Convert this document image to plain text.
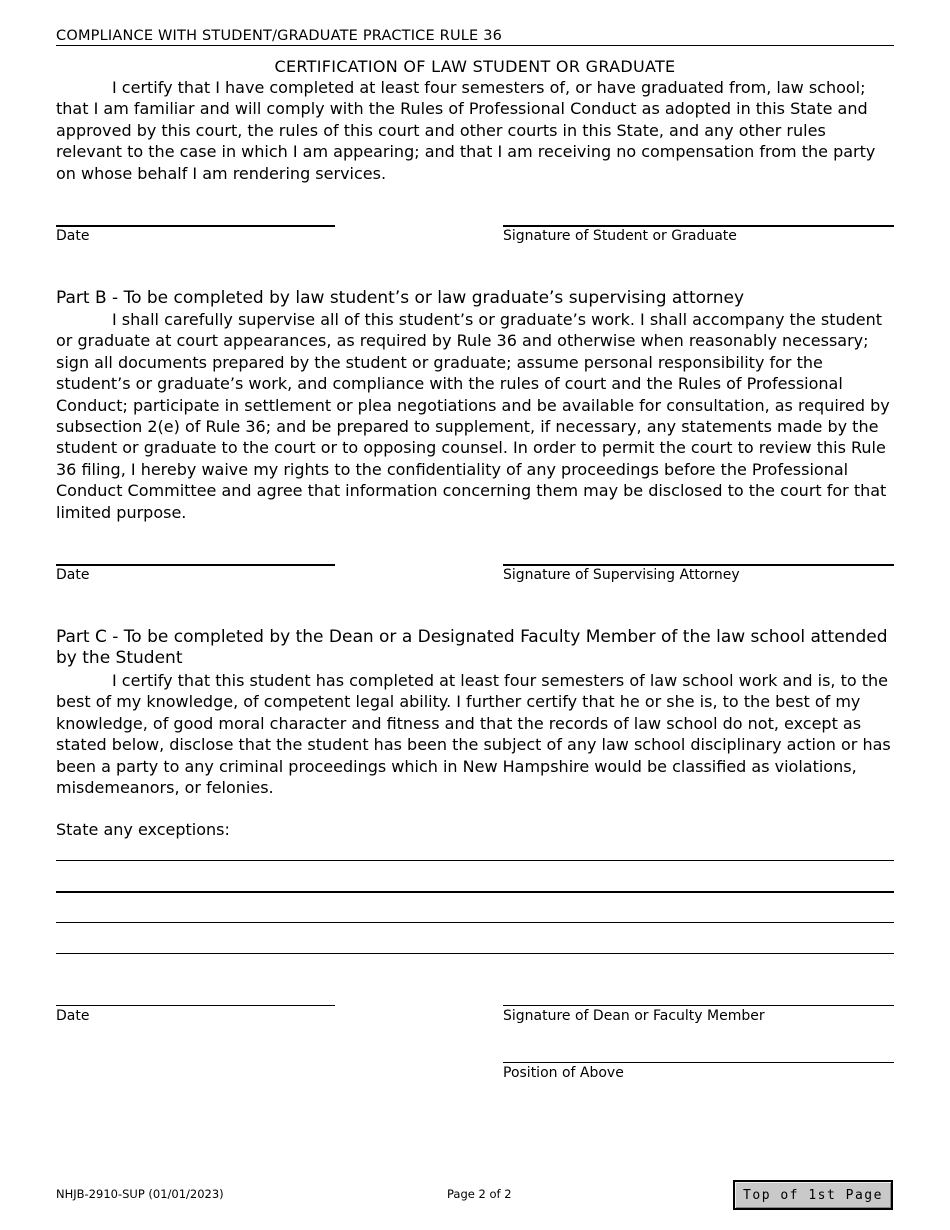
COMPLIANCE WITH STUDENT/GRADUATE PRACTICE RULE 36
CERTIFICATION OF LAW STUDENT OR GRADUATE
I certify that I have completed at least four semesters of, or have graduated from, law school; that I am familiar and will comply with the Rules of Professional Conduct as adopted in this State and approved by this court, the rules of this court and other courts in this State, and any other rules relevant to the case in which I am appearing; and that I am receiving no compensation from the party on whose behalf I am rendering services.
Date	Signature of Student or Graduate
Part B - To be completed by law student’s or law graduate’s supervising attorney
I shall carefully supervise all of this student’s or graduate’s work. I shall accompany the student or graduate at court appearances, as required by Rule 36 and otherwise when reasonably necessary; sign all documents prepared by the student or graduate; assume personal responsibility for the student’s or graduate’s work, and compliance with the rules of court and the Rules of Professional Conduct; participate in settlement or plea negotiations and be available for consultation, as required by subsection 2(e) of Rule 36; and be prepared to supplement, if necessary, any statements made by the student or graduate to the court or to opposing counsel. In order to permit the court to review this Rule 36 filing, I hereby waive my rights to the confidentiality of any proceedings before the Professional Conduct Committee and agree that information concerning them may be disclosed to the court for that limited purpose.
Date	Signature of Supervising Attorney
Part C - To be completed by the Dean or a Designated Faculty Member of the law school attended by the Student
I certify that this student has completed at least four semesters of law school work and is, to the best of my knowledge, of competent legal ability. I further certify that he or she is, to the best of my knowledge, of good moral character and fitness and that the records of law school do not, except as stated below, disclose that the student has been the subject of any law school disciplinary action or has been a party to any criminal proceedings which in New Hampshire would be classified as violations, misdemeanors, or felonies.
State any exceptions:
Date	Signature of Dean or Faculty Member
Position of Above
NHJB-2910-SUP (01/01/2023)	Page 2 of 2	Top of 1st Page
